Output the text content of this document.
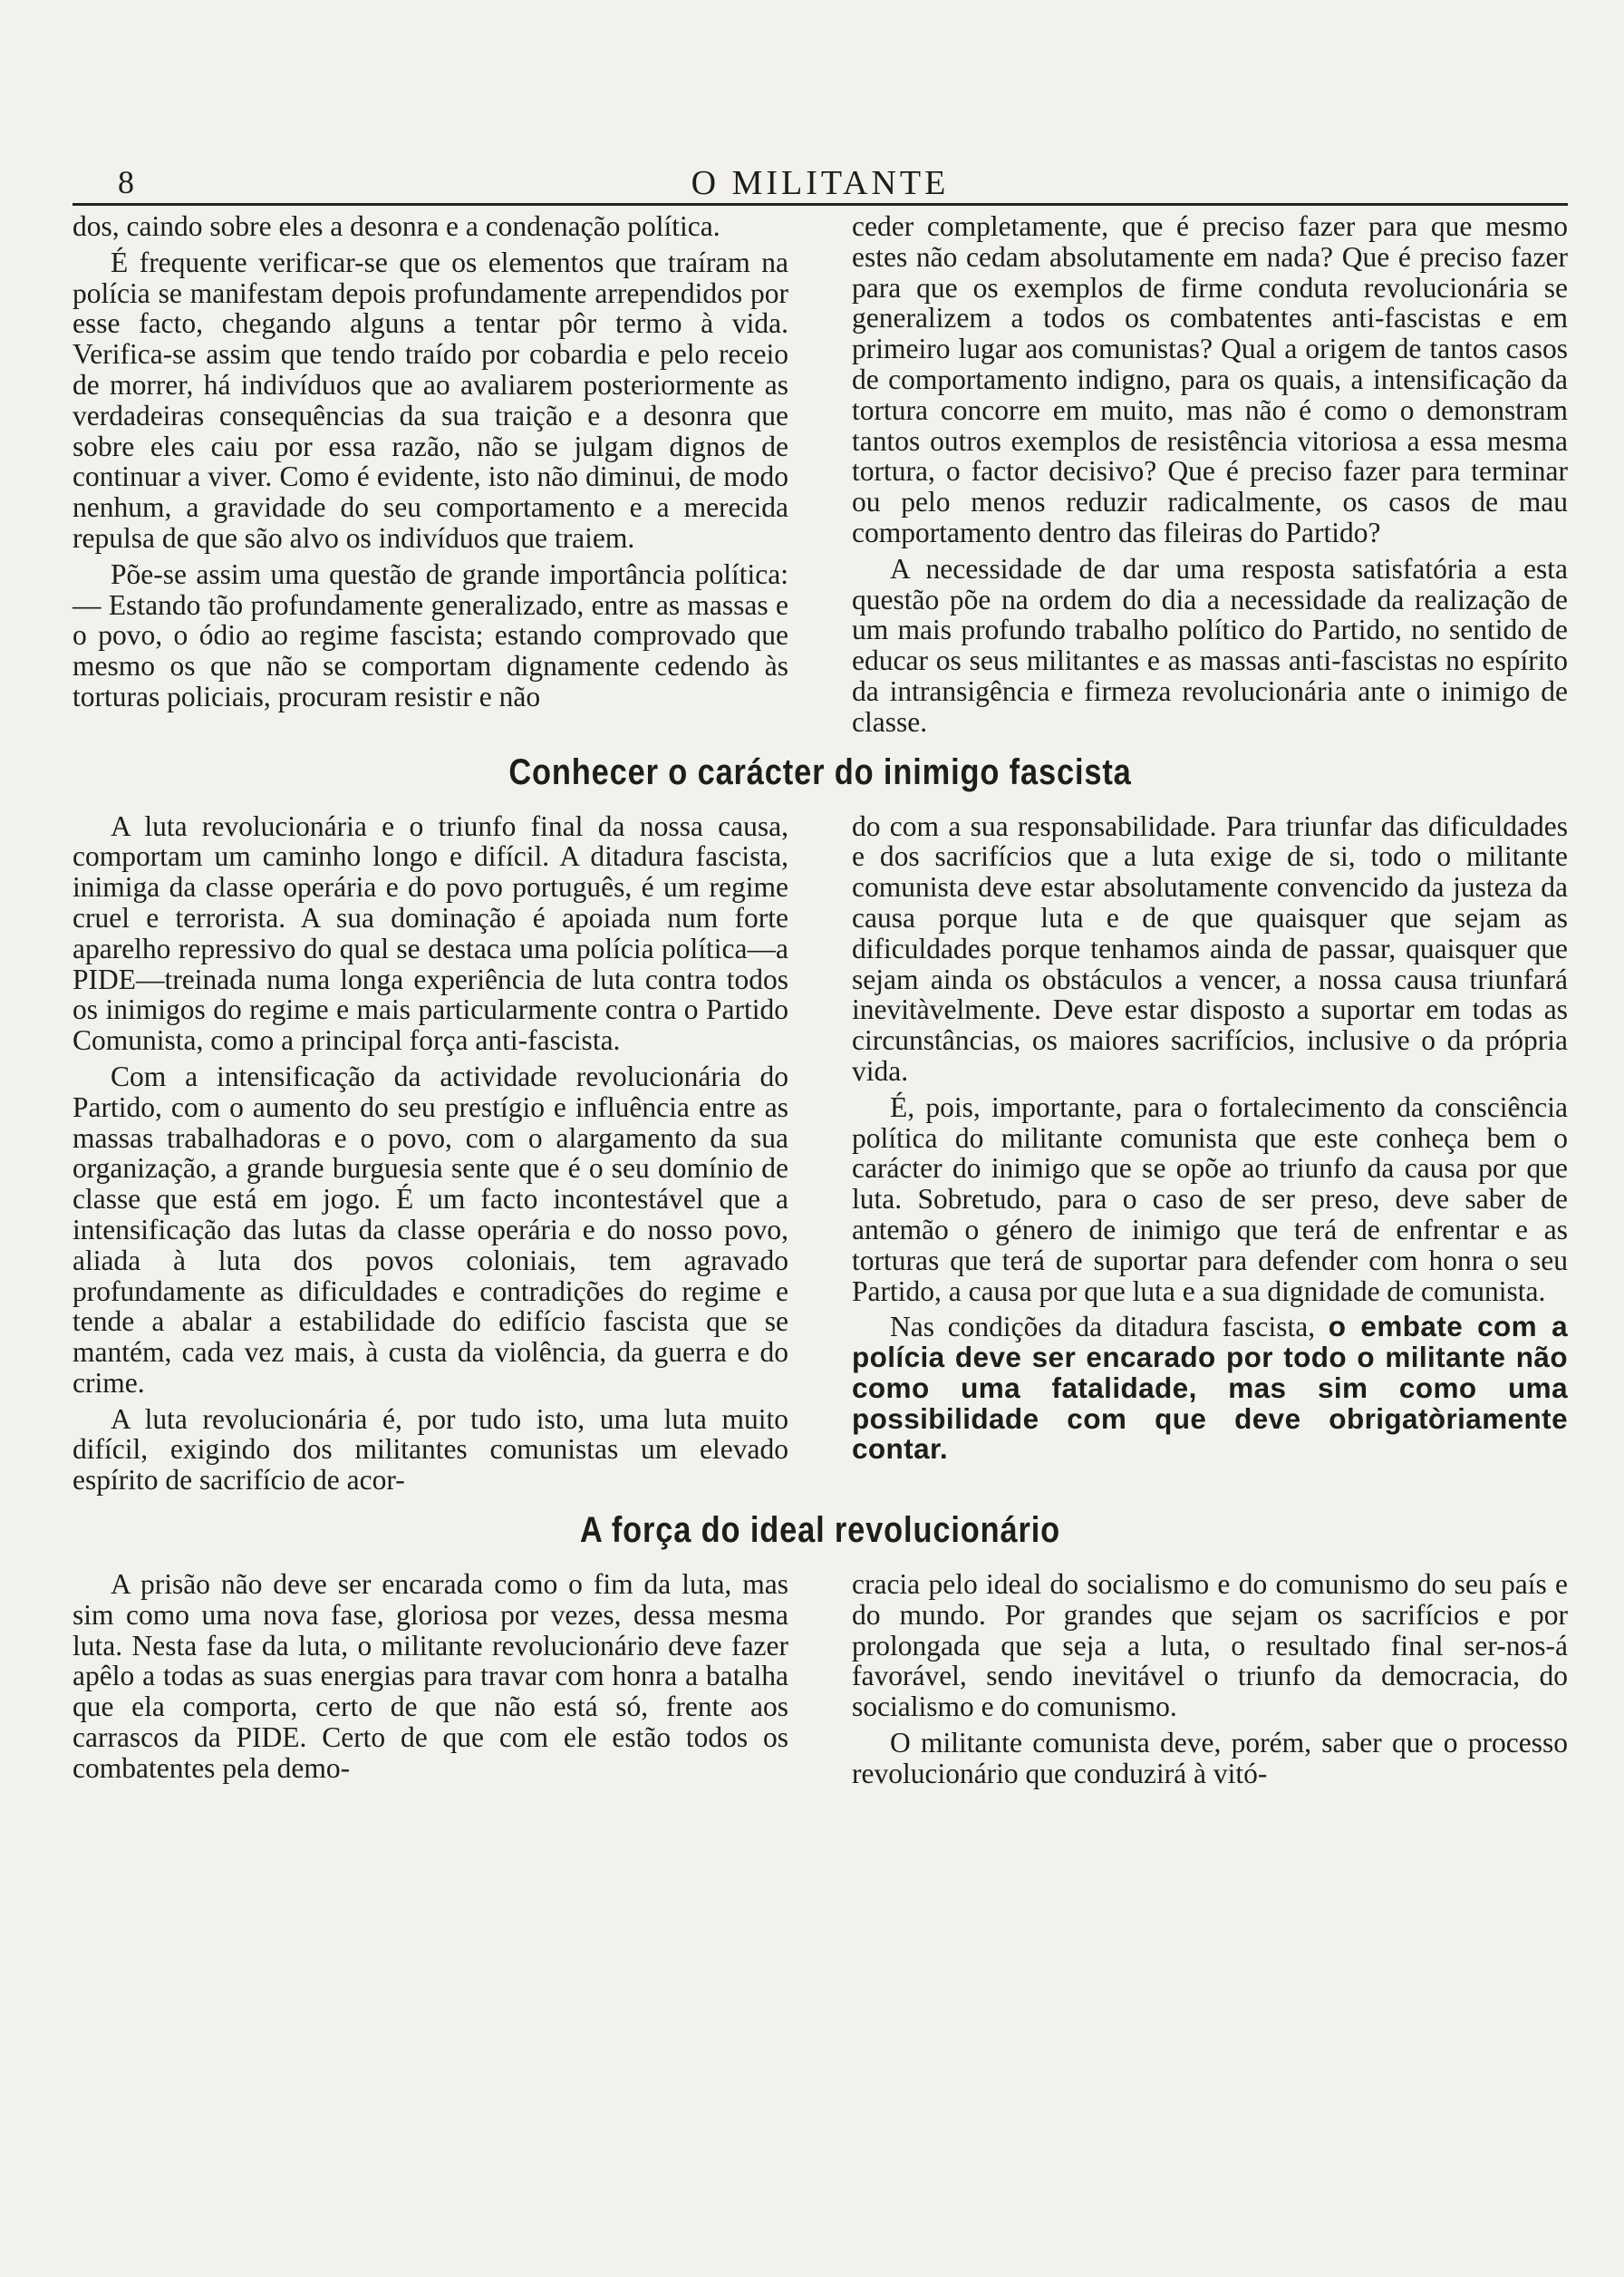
8	O MILITANTE

dos, caindo sobre eles a desonra e a condenação política.

É frequente verificar-se que os elementos que traíram na polícia se manifestam depois profundamente arrependidos por esse facto, chegando alguns a tentar pôr termo à vida. Verifica-se assim que tendo traído por cobardia e pelo receio de morrer, há indivíduos que ao avaliarem posteriormente as verdadeiras consequências da sua traição e a desonra que sobre eles caiu por essa razão, não se julgam dignos de continuar a viver. Como é evidente, isto não diminui, de modo nenhum, a gravidade do seu comportamento e a merecida repulsa de que são alvo os indivíduos que traiem.

Põe-se assim uma questão de grande importância política: — Estando tão profundamente generalizado, entre as massas e o povo, o ódio ao regime fascista; estando comprovado que mesmo os que não se comportam dignamente cedendo às torturas policiais, procuram resistir e não

ceder completamente, que é preciso fazer para que mesmo estes não cedam absolutamente em nada? Que é preciso fazer para que os exemplos de firme conduta revolucionária se generalizem a todos os combatentes anti-fascistas e em primeiro lugar aos comunistas? Qual a origem de tantos casos de comportamento indigno, para os quais, a intensificação da tortura concorre em muito, mas não é como o demonstram tantos outros exemplos de resistência vitoriosa a essa mesma tortura, o factor decisivo? Que é preciso fazer para terminar ou pelo menos reduzir radicalmente, os casos de mau comportamento dentro das fileiras do Partido?

A necessidade de dar uma resposta satisfatória a esta questão põe na ordem do dia a necessidade da realização de um mais profundo trabalho político do Partido, no sentido de educar os seus militantes e as massas anti-fascistas no espírito da intransigência e firmeza revolucionária ante o inimigo de classe.

Conhecer o carácter do inimigo fascista

A luta revolucionária e o triunfo final da nossa causa, comportam um caminho longo e difícil. A ditadura fascista, inimiga da classe operária e do povo português, é um regime cruel e terrorista. A sua dominação é apoiada num forte aparelho repressivo do qual se destaca uma polícia política—a PIDE—treinada numa longa experiência de luta contra todos os inimigos do regime e mais particularmente contra o Partido Comunista, como a principal força anti-fascista.

Com a intensificação da actividade revolucionária do Partido, com o aumento do seu prestígio e influência entre as massas trabalhadoras e o povo, com o alargamento da sua organização, a grande burguesia sente que é o seu domínio de classe que está em jogo. É um facto incontestável que a intensificação das lutas da classe operária e do nosso povo, aliada à luta dos povos coloniais, tem agravado profundamente as dificuldades e contradições do regime e tende a abalar a estabilidade do edifício fascista que se mantém, cada vez mais, à custa da violência, da guerra e do crime.

A luta revolucionária é, por tudo isto, uma luta muito difícil, exigindo dos militantes comunistas um elevado espírito de sacrifício de acor-

do com a sua responsabilidade. Para triunfar das dificuldades e dos sacrifícios que a luta exige de si, todo o militante comunista deve estar absolutamente convencido da justeza da causa porque luta e de que quaisquer que sejam as dificuldades porque tenhamos ainda de passar, quaisquer que sejam ainda os obstáculos a vencer, a nossa causa triunfará inevitàvelmente. Deve estar disposto a suportar em todas as circunstâncias, os maiores sacrifícios, inclusive o da própria vida.

É, pois, importante, para o fortalecimento da consciência política do militante comunista que este conheça bem o carácter do inimigo que se opõe ao triunfo da causa por que luta. Sobretudo, para o caso de ser preso, deve saber de antemão o género de inimigo que terá de enfrentar e as torturas que terá de suportar para defender com honra o seu Partido, a causa por que luta e a sua dignidade de comunista.

Nas condições da ditadura fascista, o embate com a polícia deve ser encarado por todo o militante não como uma fatalidade, mas sim como uma possibilidade com que deve obrigatòriamente contar.

A força do ideal revolucionário

A prisão não deve ser encarada como o fim da luta, mas sim como uma nova fase, gloriosa por vezes, dessa mesma luta. Nesta fase da luta, o militante revolucionário deve fazer apêlo a todas as suas energias para travar com honra a batalha que ela comporta, certo de que não está só, frente aos carrascos da PIDE. Certo de que com ele estão todos os combatentes pela demo-

cracia pelo ideal do socialismo e do comunismo do seu país e do mundo. Por grandes que sejam os sacrifícios e por prolongada que seja a luta, o resultado final ser-nos-á favorável, sendo inevitável o triunfo da democracia, do socialismo e do comunismo.

O militante comunista deve, porém, saber que o processo revolucionário que conduzirá à vitó-
